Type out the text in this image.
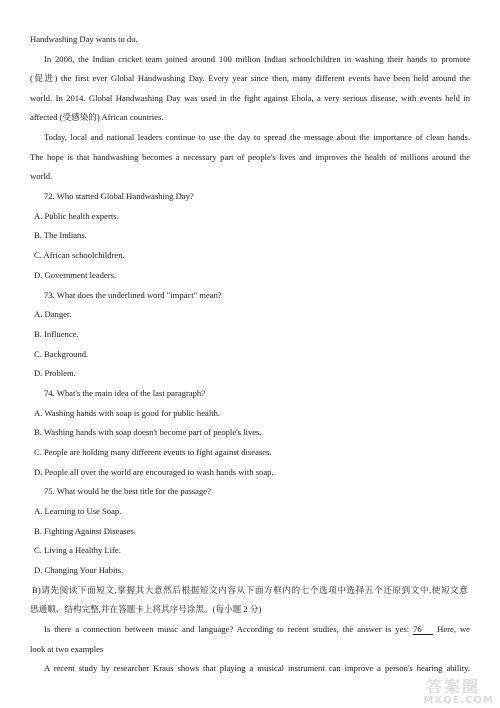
Handwashing Day wants to do.
In 2008, the Indian cricket team joined around 100 million Indian schoolchildren in washing their hands to promote
(促进) the first ever Global Handwashing Day. Every year since then, many different events have been held around the
world. In 2014. Global Handwashing Day was used in the fight against Ebola, a very serious disease, with events held in
affected (受感染的) African countries.
Today, local and national leaders continue to use the day to spread the message about the importance of clean hands.
The hope is that handwashing becomes a necessary part of people's lives and improves the health of millions around the
world.
72. Who started Global Handwashing Day?
A. Public health experts.
B. The Indians.
C. African schoolchildren.
D. Government leaders.
73. What does the underlined word "impact" mean?
A. Danger.
B. Influence.
C. Background.
D. Problem.
74. What's the main idea of the last paragraph?
A. Washing hands with soap is good for public health.
B. Washing hands with soap doesn't become part of people's lives.
C. People are holding many different events to fight against diseases.
D. People all over the world are encouraged to wash hands with soap.
75. What would be the best title for the passage?
A. Learning to Use Soap.
B. Fighting Against Diseases.
C. Living a Healthy Life.
D. Changing Your Habits.
B)请先阅读下面短文,掌握其大意然后根据短文内容从下面方框内的七个选项中选择五个还原到文中,使短文意
思通顺、结构完整,并在答题卡上将其序号涂黑。(每小题 2 分)
Is there a connection between music and language? According to recent studies, the answer is yes: 76 Here, we
look at two examples
A recent study by researcher Kraus shows that playing a musical instrument can improve a person's hearing ability.
答案圈
MXQE.COM
